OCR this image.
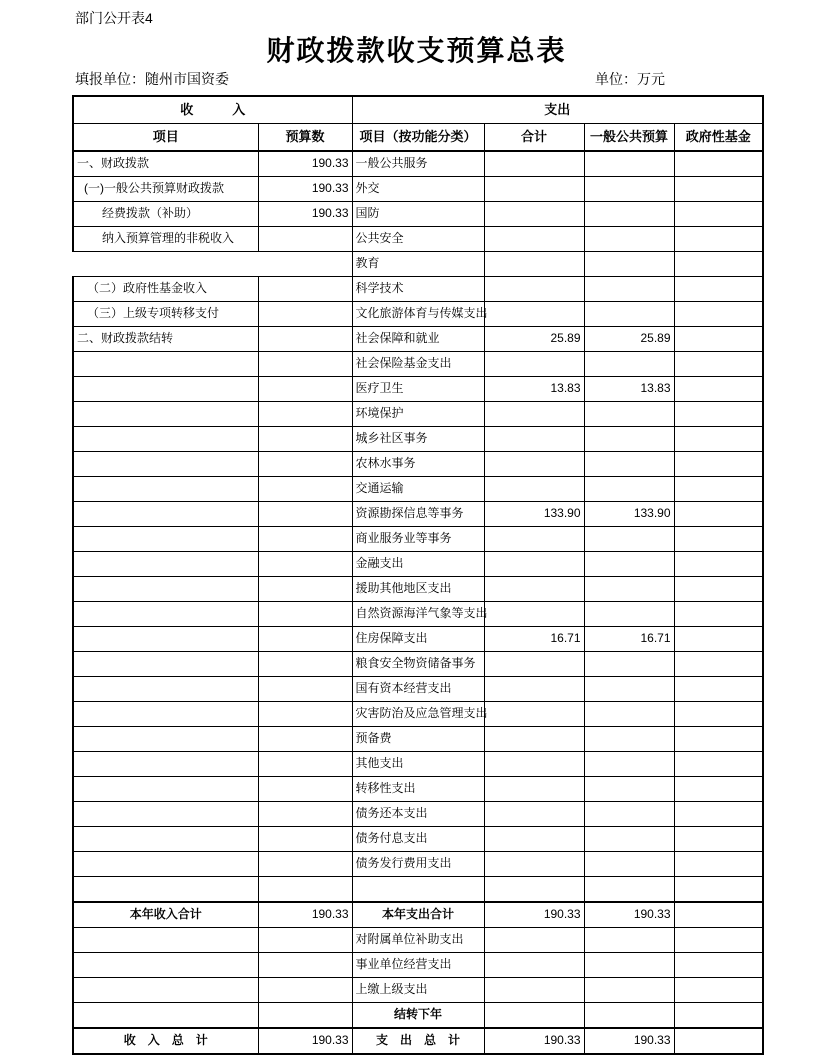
部门公开表4
财政拨款收支预算总表
填报单位：随州市国资委	单位：万元
收　　　入		支出			
项目	预算数	项目（按功能分类）	合计	一般公共预算	政府性基金
一、财政拨款	190.33	一般公共服务			
(一)一般公共预算财政拨款	190.33	外交			
经费拨款（补助）	190.33	国防			
纳入预算管理的非税收入		公共安全			
		教育			
（二）政府性基金收入		科学技术			
（三）上级专项转移支付		文化旅游体育与传媒支出			
二、财政拨款结转		社会保障和就业	25.89	25.89	
		社会保险基金支出			
		医疗卫生	13.83	13.83	
		环境保护			
		城乡社区事务			
		农林水事务			
		交通运输			
		资源勘探信息等事务	133.90	133.90	
		商业服务业等事务			
		金融支出			
		援助其他地区支出			
		自然资源海洋气象等支出			
		住房保障支出	16.71	16.71	
		粮食安全物资储备事务			
		国有资本经营支出			
		灾害防治及应急管理支出			
		预备费			
		其他支出			
		转移性支出			
		债务还本支出			
		债务付息支出			
		债务发行费用支出			

本年收入合计	190.33	本年支出合计	190.33	190.33	
		对附属单位补助支出			
		事业单位经营支出			
		上缴上级支出			
		结转下年			
收　入　总　计	190.33	支　出　总　计	190.33	190.33	
